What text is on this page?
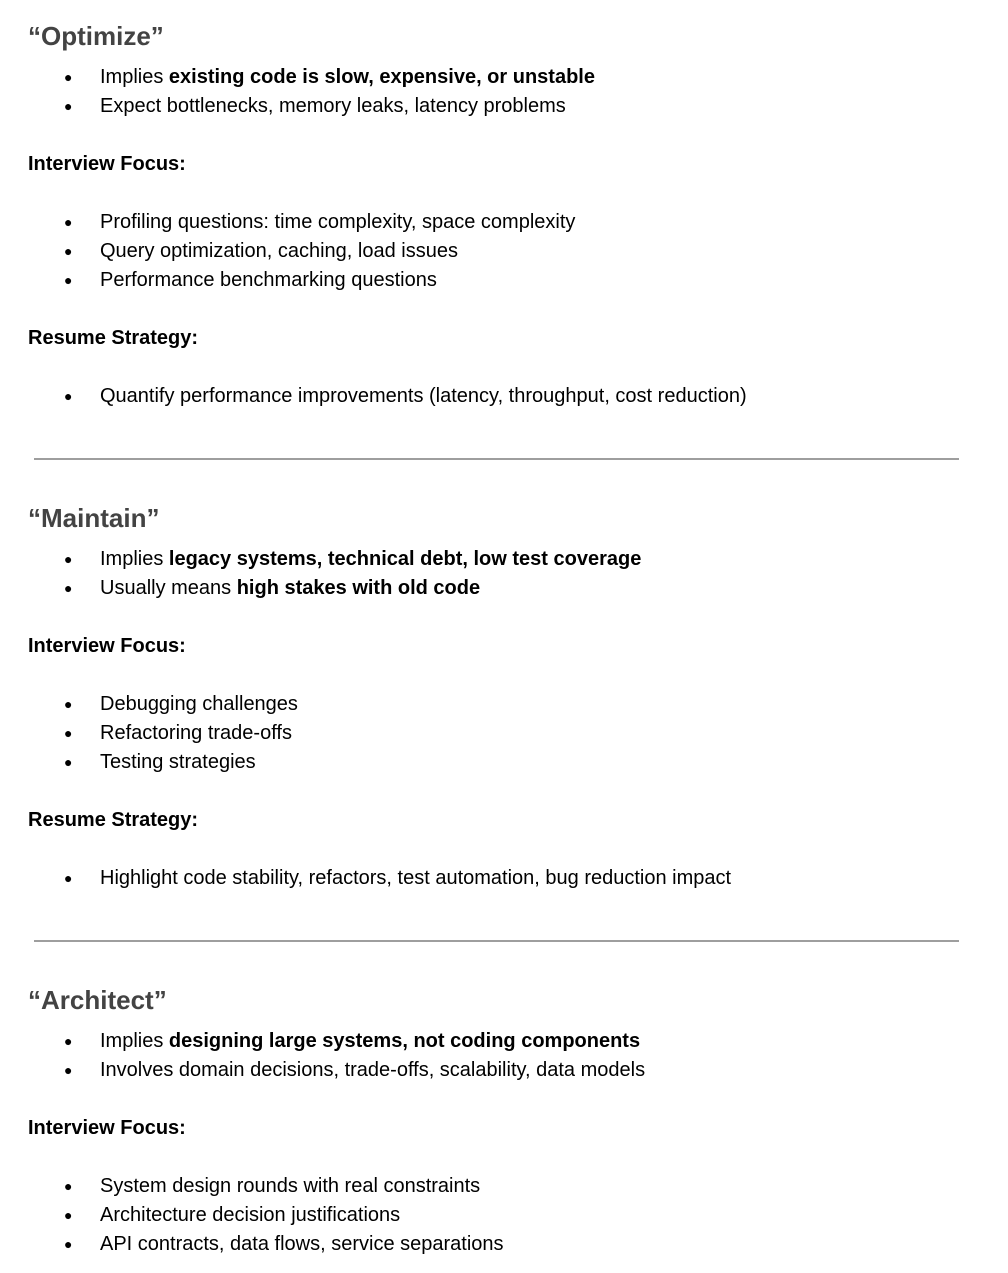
“Optimize”
● Implies existing code is slow, expensive, or unstable
● Expect bottlenecks, memory leaks, latency problems
Interview Focus:
● Profiling questions: time complexity, space complexity
● Query optimization, caching, load issues
● Performance benchmarking questions
Resume Strategy:
● Quantify performance improvements (latency, throughput, cost reduction)
“Maintain”
● Implies legacy systems, technical debt, low test coverage
● Usually means high stakes with old code
Interview Focus:
● Debugging challenges
● Refactoring trade-offs
● Testing strategies
Resume Strategy:
● Highlight code stability, refactors, test automation, bug reduction impact
“Architect”
● Implies designing large systems, not coding components
● Involves domain decisions, trade-offs, scalability, data models
Interview Focus:
● System design rounds with real constraints
● Architecture decision justifications
● API contracts, data flows, service separations
